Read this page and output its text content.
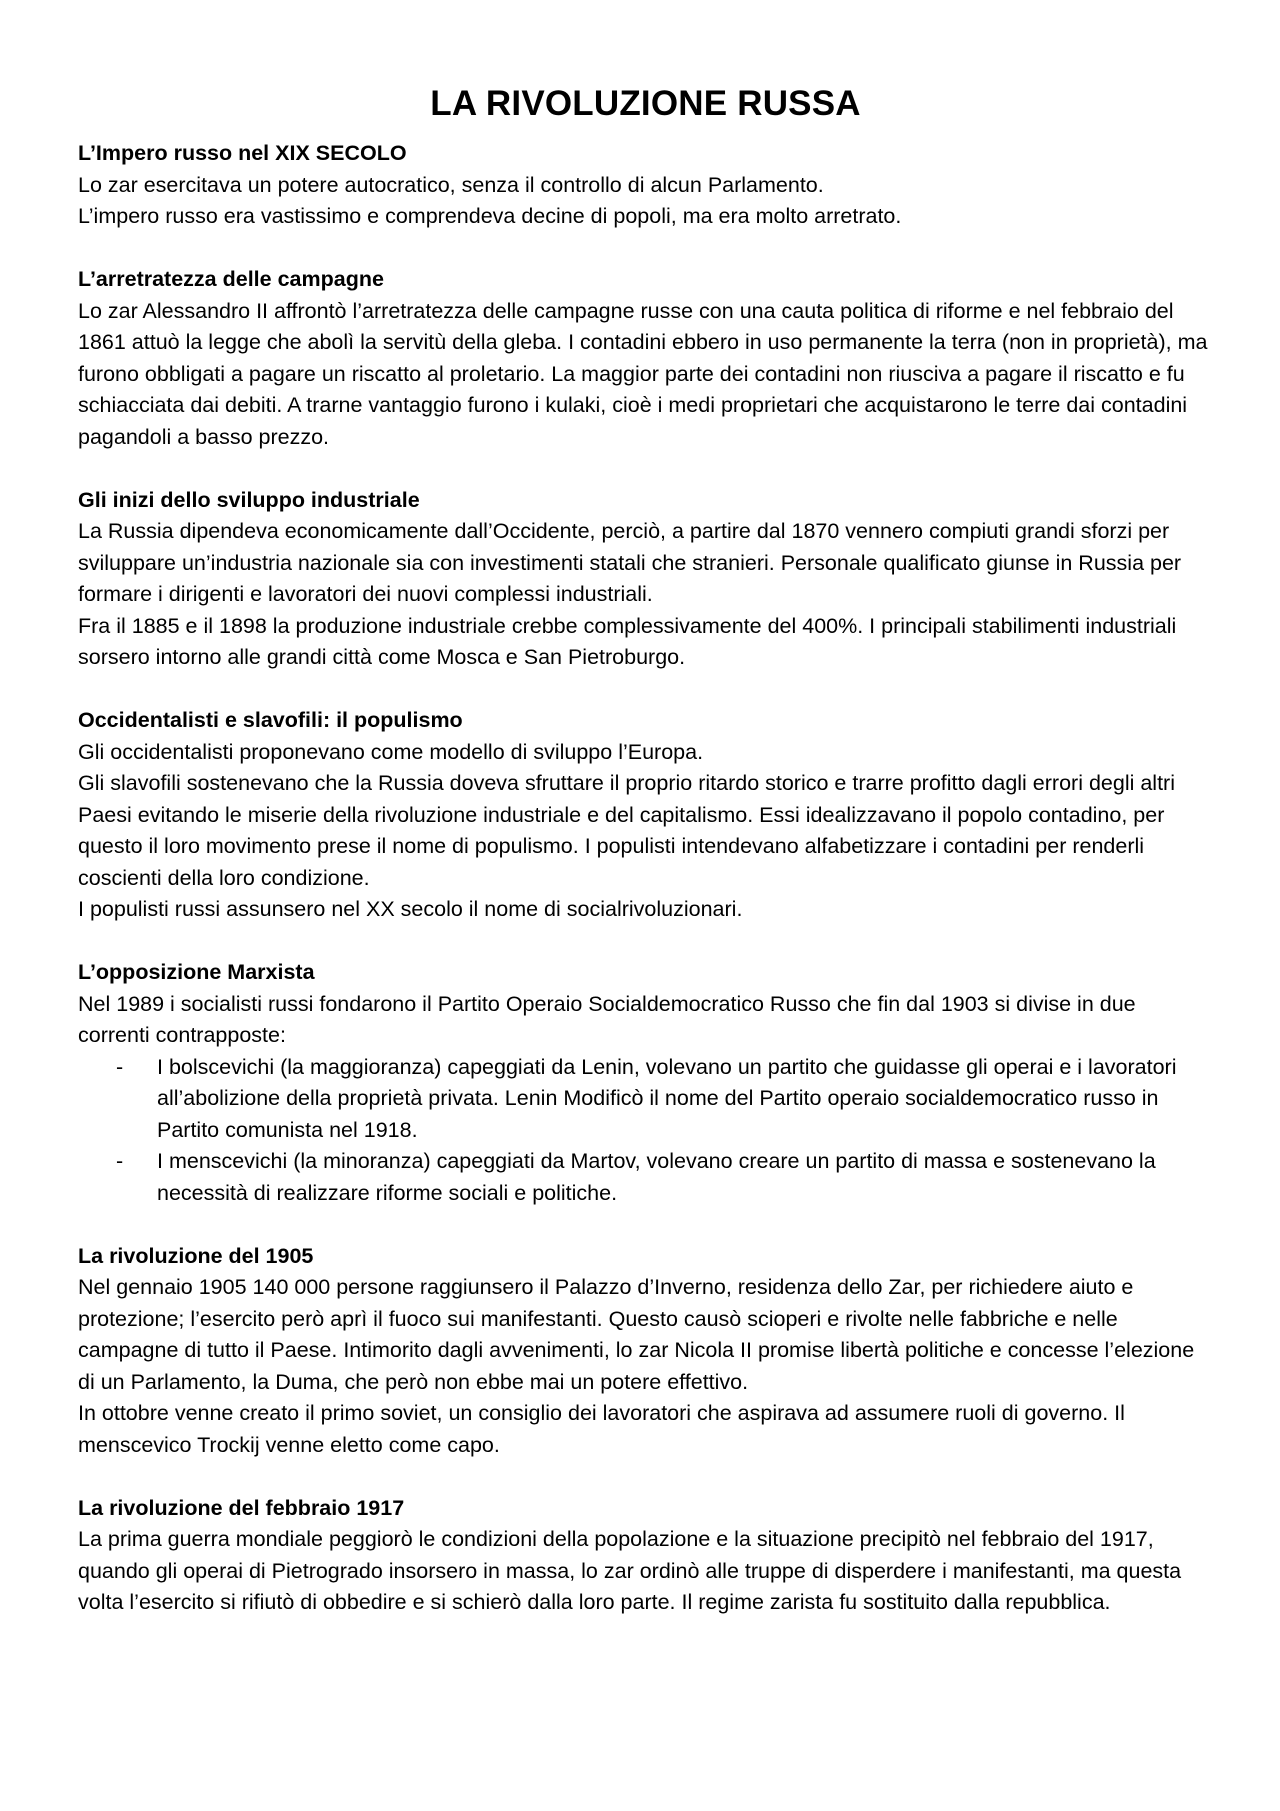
LA RIVOLUZIONE RUSSA
L’Impero russo nel XIX SECOLO

Lo zar esercitava un potere autocratico, senza il controllo di alcun Parlamento.

L’impero russo era vastissimo e comprendeva decine di popoli, ma era molto arretrato.

L’arretratezza delle campagne

Lo zar Alessandro II affrontò l’arretratezza delle campagne russe con una cauta politica di riforme e nel febbraio del 1861 attuò la legge che abolì la servitù della gleba. I contadini ebbero in uso permanente la terra (non in proprietà), ma furono obbligati a pagare un riscatto al proletario. La maggior parte dei contadini non riusciva a pagare il riscatto e fu schiacciata dai debiti. A trarne vantaggio furono i kulaki, cioè i medi proprietari che acquistarono le terre dai contadini pagandoli a basso prezzo.

Gli inizi dello sviluppo industriale

La Russia dipendeva economicamente dall’Occidente, perciò, a partire dal 1870 vennero compiuti grandi sforzi per sviluppare un’industria nazionale sia con investimenti statali che stranieri. Personale qualificato giunse in Russia per formare i dirigenti e lavoratori dei nuovi complessi industriali.

Fra il 1885 e il 1898 la produzione industriale crebbe complessivamente del 400%. I principali stabilimenti industriali sorsero intorno alle grandi città come Mosca e San Pietroburgo.

Occidentalisti e slavofili: il populismo

Gli occidentalisti proponevano come modello di sviluppo l’Europa.

Gli slavofili sostenevano che la Russia doveva sfruttare il proprio ritardo storico e trarre profitto dagli errori degli altri Paesi evitando le miserie della rivoluzione industriale e del capitalismo. Essi idealizzavano il popolo contadino, per questo il loro movimento prese il nome di populismo. I populisti intendevano alfabetizzare i contadini per renderli coscienti della loro condizione.

I populisti russi assunsero nel XX secolo il nome di socialrivoluzionari.

L’opposizione Marxista

Nel 1989 i socialisti russi fondarono il Partito Operaio Socialdemocratico Russo che fin dal 1903 si divise in due correnti contrapposte:

- I bolscevichi (la maggioranza) capeggiati da Lenin, volevano un partito che guidasse gli operai e i lavoratori all’abolizione della proprietà privata. Lenin Modificò il nome del Partito operaio socialdemocratico russo in Partito comunista nel 1918.
- I menscevichi (la minoranza) capeggiati da Martov, volevano creare un partito di massa e sostenevano la necessità di realizzare riforme sociali e politiche.
La rivoluzione del 1905

Nel gennaio 1905 140 000 persone raggiunsero il Palazzo d’Inverno, residenza dello Zar, per richiedere aiuto e protezione; l’esercito però aprì il fuoco sui manifestanti. Questo causò scioperi e rivolte nelle fabbriche e nelle campagne di tutto il Paese. Intimorito dagli avvenimenti, lo zar Nicola II promise libertà politiche e concesse l’elezione di un Parlamento, la Duma, che però non ebbe mai un potere effettivo.

In ottobre venne creato il primo soviet, un consiglio dei lavoratori che aspirava ad assumere ruoli di governo. Il menscevico Trockij venne eletto come capo.

La rivoluzione del febbraio 1917

La prima guerra mondiale peggiorò le condizioni della popolazione e la situazione precipitò nel febbraio del 1917, quando gli operai di Pietrogrado insorsero in massa, lo zar ordinò alle truppe di disperdere i manifestanti, ma questa volta l’esercito si rifiutò di obbedire e si schierò dalla loro parte. Il regime zarista fu sostituito dalla repubblica.
